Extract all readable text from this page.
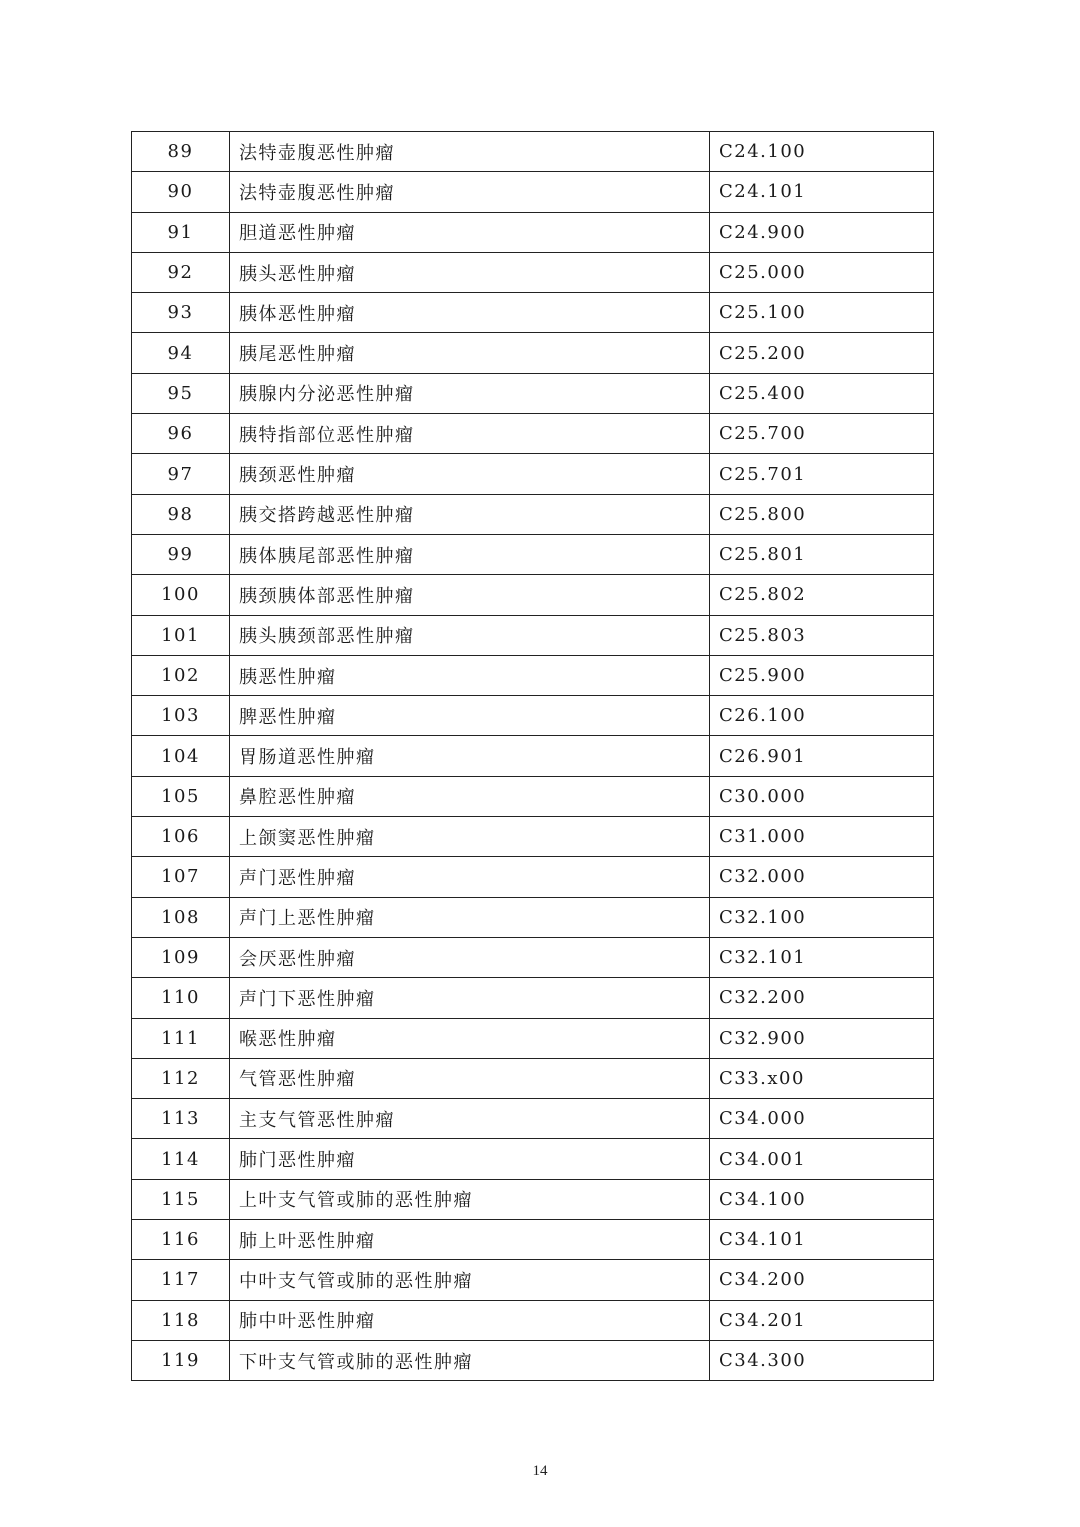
89	法特壶腹恶性肿瘤	C24.100
90	法特壶腹恶性肿瘤	C24.101
91	胆道恶性肿瘤	C24.900
92	胰头恶性肿瘤	C25.000
93	胰体恶性肿瘤	C25.100
94	胰尾恶性肿瘤	C25.200
95	胰腺内分泌恶性肿瘤	C25.400
96	胰特指部位恶性肿瘤	C25.700
97	胰颈恶性肿瘤	C25.701
98	胰交搭跨越恶性肿瘤	C25.800
99	胰体胰尾部恶性肿瘤	C25.801
100	胰颈胰体部恶性肿瘤	C25.802
101	胰头胰颈部恶性肿瘤	C25.803
102	胰恶性肿瘤	C25.900
103	脾恶性肿瘤	C26.100
104	胃肠道恶性肿瘤	C26.901
105	鼻腔恶性肿瘤	C30.000
106	上颌窦恶性肿瘤	C31.000
107	声门恶性肿瘤	C32.000
108	声门上恶性肿瘤	C32.100
109	会厌恶性肿瘤	C32.101
110	声门下恶性肿瘤	C32.200
111	喉恶性肿瘤	C32.900
112	气管恶性肿瘤	C33.x00
113	主支气管恶性肿瘤	C34.000
114	肺门恶性肿瘤	C34.001
115	上叶支气管或肺的恶性肿瘤	C34.100
116	肺上叶恶性肿瘤	C34.101
117	中叶支气管或肺的恶性肿瘤	C34.200
118	肺中叶恶性肿瘤	C34.201
119	下叶支气管或肺的恶性肿瘤	C34.300
14
